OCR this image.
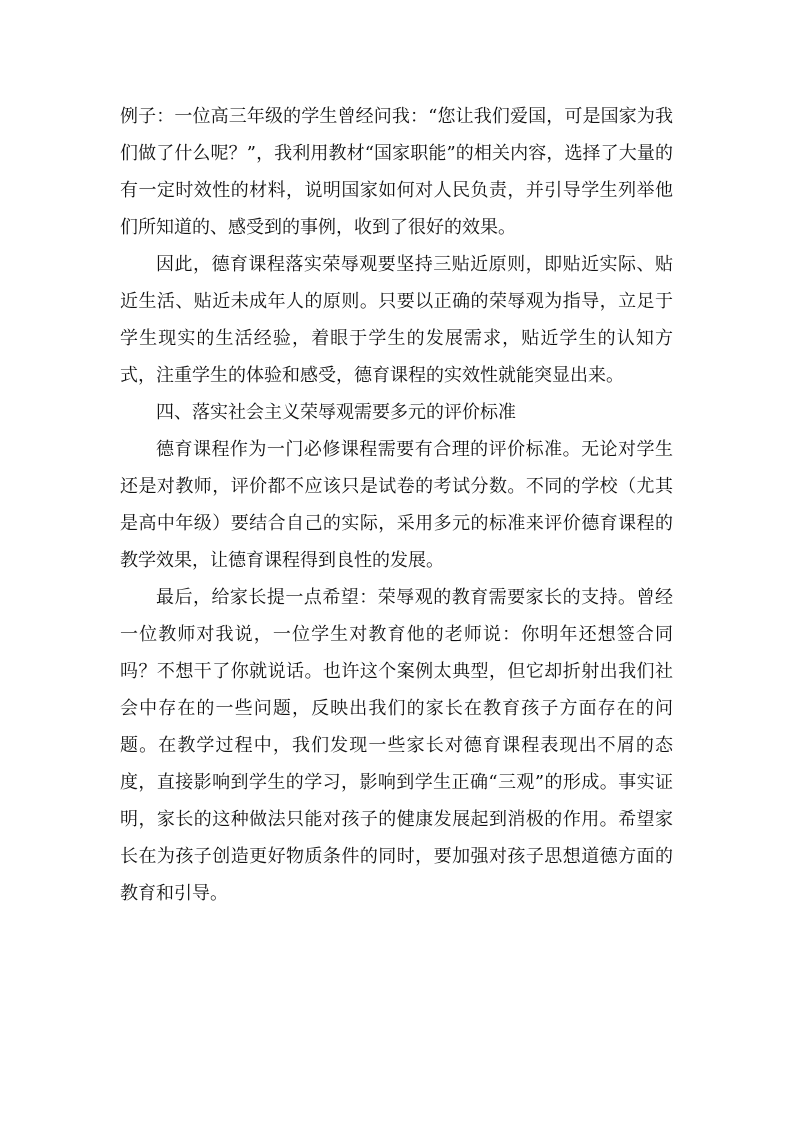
例子：一位高三年级的学生曾经问我：“您让我们爱国，可是国家为我们做了什么呢？”，我利用教材“国家职能”的相关内容，选择了大量的有一定时效性的材料，说明国家如何对人民负责，并引导学生列举他们所知道的、感受到的事例，收到了很好的效果。

因此，德育课程落实荣辱观要坚持三贴近原则，即贴近实际、贴近生活、贴近未成年人的原则。只要以正确的荣辱观为指导，立足于学生现实的生活经验，着眼于学生的发展需求，贴近学生的认知方式，注重学生的体验和感受，德育课程的实效性就能突显出来。

四、落实社会主义荣辱观需要多元的评价标准

德育课程作为一门必修课程需要有合理的评价标准。无论对学生还是对教师，评价都不应该只是试卷的考试分数。不同的学校（尤其是高中年级）要结合自己的实际，采用多元的标准来评价德育课程的教学效果，让德育课程得到良性的发展。

最后，给家长提一点希望：荣辱观的教育需要家长的支持。曾经一位教师对我说，一位学生对教育他的老师说：你明年还想签合同吗？不想干了你就说话。也许这个案例太典型，但它却折射出我们社会中存在的一些问题，反映出我们的家长在教育孩子方面存在的问题。在教学过程中，我们发现一些家长对德育课程表现出不屑的态度，直接影响到学生的学习，影响到学生正确“三观”的形成。事实证明，家长的这种做法只能对孩子的健康发展起到消极的作用。希望家长在为孩子创造更好物质条件的同时，要加强对孩子思想道德方面的教育和引导。
